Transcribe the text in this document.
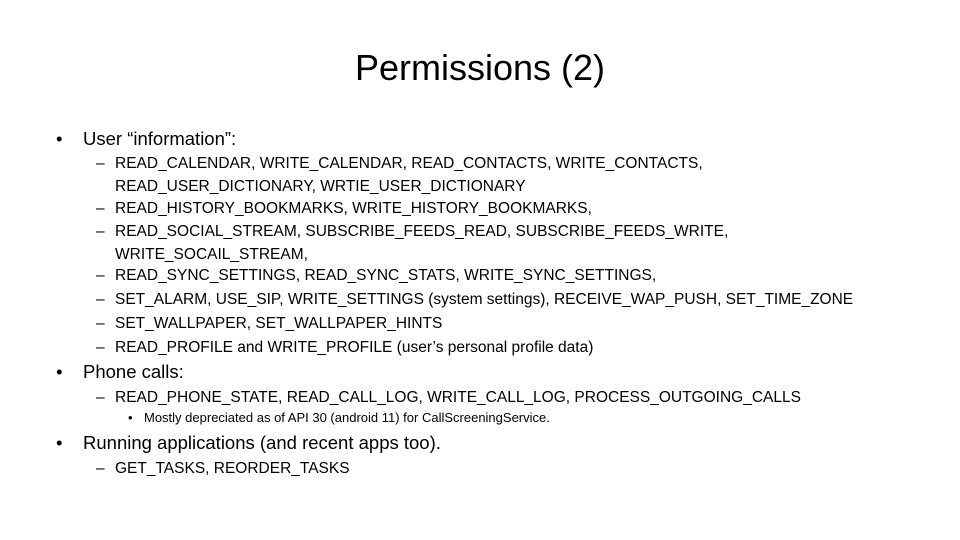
Permissions (2)
•	User “information”:
– READ_CALENDAR, WRITE_CALENDAR, READ_CONTACTS, WRITE_CONTACTS,
READ_USER_DICTIONARY, WRTIE_USER_DICTIONARY
– READ_HISTORY_BOOKMARKS, WRITE_HISTORY_BOOKMARKS,
– READ_SOCIAL_STREAM, SUBSCRIBE_FEEDS_READ, SUBSCRIBE_FEEDS_WRITE,
WRITE_SOCAIL_STREAM,
– READ_SYNC_SETTINGS, READ_SYNC_STATS, WRITE_SYNC_SETTINGS,
– SET_ALARM, USE_SIP, WRITE_SETTINGS (system settings), RECEIVE_WAP_PUSH, SET_TIME_ZONE
– SET_WALLPAPER, SET_WALLPAPER_HINTS
– READ_PROFILE and WRITE_PROFILE (user’s personal profile data)
•	Phone calls:
– READ_PHONE_STATE, READ_CALL_LOG, WRITE_CALL_LOG, PROCESS_OUTGOING_CALLS
• Mostly depreciated as of API 30 (android 11) for CallScreeningService.
•	Running applications (and recent apps too).
– GET_TASKS, REORDER_TASKS
